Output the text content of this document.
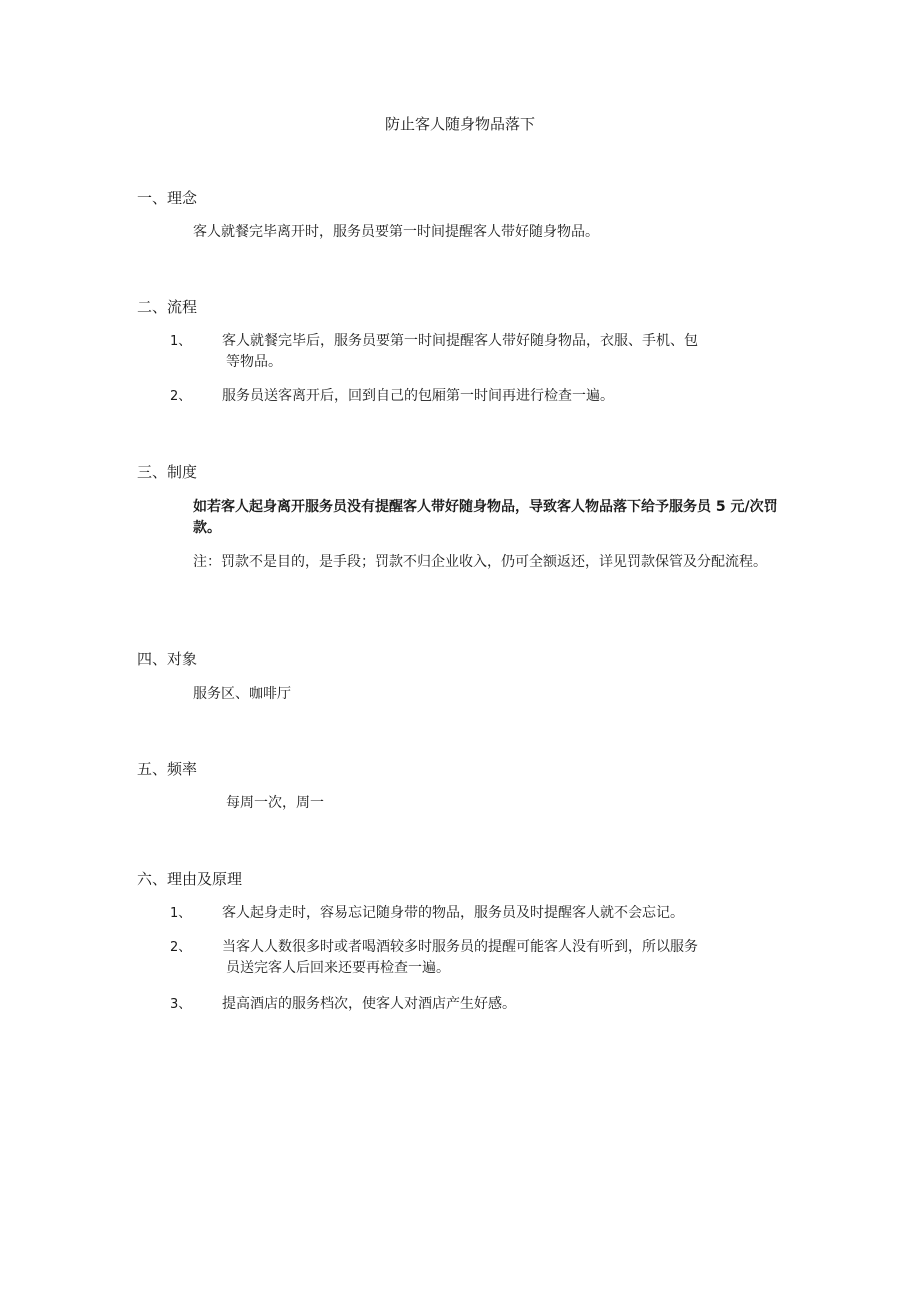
防止客人随身物品落下
一、理念
客人就餐完毕离开时，服务员要第一时间提醒客人带好随身物品。
二、流程
1、 客人就餐完毕后，服务员要第一时间提醒客人带好随身物品，衣服、手机、包
等物品。
2、 服务员送客离开后，回到自己的包厢第一时间再进行检查一遍。
三、制度
如若客人起身离开服务员没有提醒客人带好随身物品，导致客人物品落下给予服务员 5 元/次罚款。
注：罚款不是目的，是手段；罚款不归企业收入，仍可全额返还，详见罚款保管及分配流程。
四、对象
服务区、咖啡厅
五、频率
每周一次，周一
六、理由及原理
1、 客人起身走时，容易忘记随身带的物品，服务员及时提醒客人就不会忘记。
2、 当客人人数很多时或者喝酒较多时服务员的提醒可能客人没有听到，所以服务
员送完客人后回来还要再检查一遍。
3、 提高酒店的服务档次，使客人对酒店产生好感。
